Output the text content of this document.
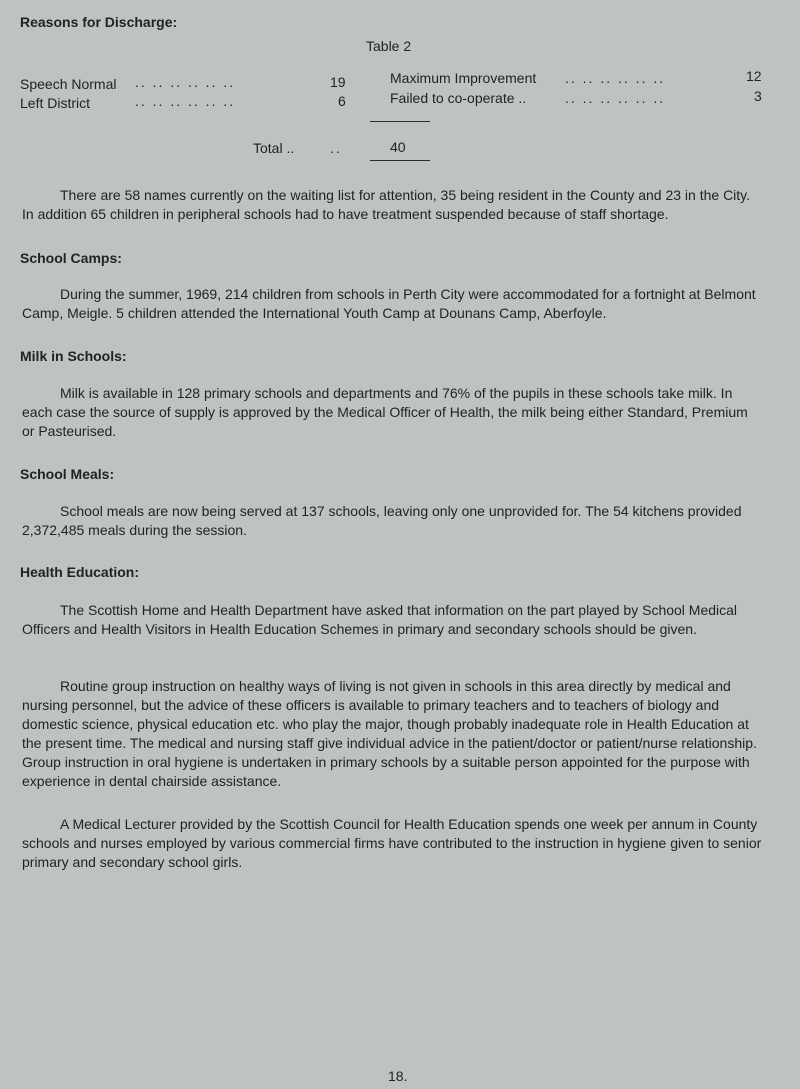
Reasons for Discharge:
Table 2
Speech Normal .. .. .. .. .. ..	19
Left District	.. .. .. .. .. ..	6
Maximum Improvement .. .. .. .. .. ..	12
Failed to co-operate ..	.. .. .. .. .. ..	3
Total ..	..	40

There are 58 names currently on the waiting list for attention, 35 being resident in the County and 23 in the City. In addition 65 children in peripheral schools had to have treatment suspended because of staff shortage.

School Camps:

During the summer, 1969, 214 children from schools in Perth City were accommodated for a fortnight at Belmont Camp, Meigle. 5 children attended the International Youth Camp at Dounans Camp, Aberfoyle.

Milk in Schools:

Milk is available in 128 primary schools and departments and 76% of the pupils in these schools take milk. In each case the source of supply is approved by the Medical Officer of Health, the milk being either Standard, Premium or Pasteurised.

School Meals:

School meals are now being served at 137 schools, leaving only one unprovided for. The 54 kitchens provided 2,372,485 meals during the session.

Health Education:

The Scottish Home and Health Department have asked that information on the part played by School Medical Officers and Health Visitors in Health Education Schemes in primary and secondary schools should be given.

Routine group instruction on healthy ways of living is not given in schools in this area directly by medical and nursing personnel, but the advice of these officers is available to primary teachers and to teachers of biology and domestic science, physical education etc. who play the major, though probably inadequate role in Health Education at the present time. The medical and nursing staff give individual advice in the patient/doctor or patient/nurse relationship. Group instruction in oral hygiene is undertaken in primary schools by a suitable person appointed for the purpose with experience in dental chairside assistance.

A Medical Lecturer provided by the Scottish Council for Health Education spends one week per annum in County schools and nurses employed by various commercial firms have contributed to the instruction in hygiene given to senior primary and secondary school girls.

18.
